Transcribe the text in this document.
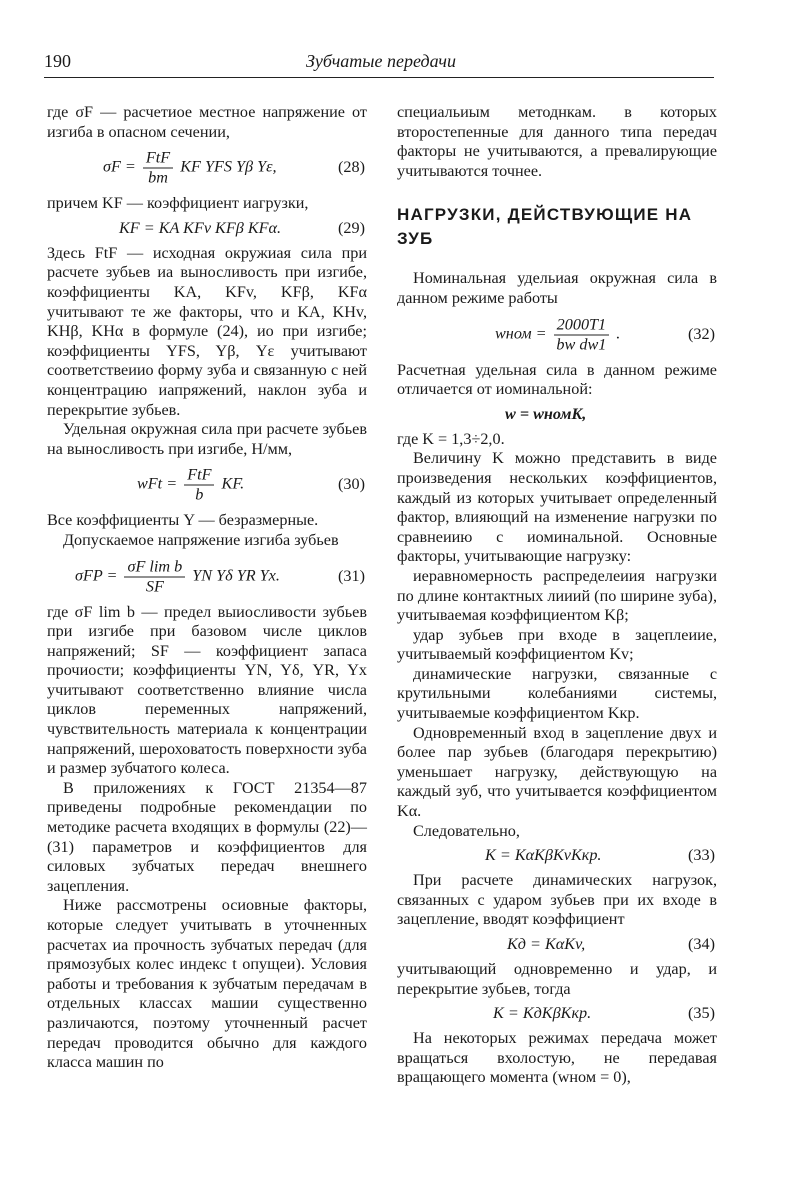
190	Зубчатые передачи

где σF — расчетиое местное напряжение от изгиба в опасном сечении,

$\sigma F = \frac{\text{FtF}}{bm}$ KF YFS Yβ Yε,	(28)

причем KF — коэффициент иагрузки,

KF = KA KFv KFβ KFα.	(29)

Здесь FtF — исходная окружиая сила при расчете зубьев иа выносливость при изгибе, коэффициенты KA, KFv, KFβ, KFα учитывают те же факторы, что и KA, KHv, KHβ, KHα в формуле (24), ио при изгибе; коэффициенты YFS, Yβ, Yε учитывают соответствеиио форму зуба и связанную с ней концентрацию иапряжений, наклон зуба и перекрытие зубьев.

Удельная окружная сила при расчете зубьев на выносливость при изгибе, Н/мм,

wFt = $\frac{\text{FtF}}{b}$ KF.	(30)

Все коэффициенты Y — безразмерные.

Допускаемое напряжение изгиба зубьев

$\sigma FP = \frac{\text{σF lim b}}{SF}$ YN Yδ YR Yx.	(31)

где σF lim b — предел выиосливости зубьев при изгибе при базовом числе циклов напряжений; SF — коэффициент запаса прочиости; коэффициенты YN, Yδ, YR, Yx учитывают соответственно влияние числа циклов переменных напряжений, чувствительность материала к концентрации напряжений, шероховатость поверхности зуба и размер зубчатого колеса.

В приложениях к ГОСТ 21354—87 приведены подробные рекомендации по методике расчета входящих в формулы (22)—(31) параметров и коэффициентов для силовых зубчатых передач внешнего зацепления.

Ниже рассмотрены осиовные факторы, которые следует учитывать в уточненных расчетах иа прочность зубчатых передач (для прямозубых колес индекс t опущеи). Условия работы и требования к зубчатым передачам в отдельных классах машии существенно различаются, поэтому уточненный расчет передач проводится обычно для каждого класса машин по

специальиым методнкам. в которых второстепенные для данного типа передач факторы не учитываются, а превалирующие учитываются точнее.

НАГРУЗКИ, ДЕЙСТВУЮЩИЕ НА ЗУБ

Номинальная удельиая окружная сила в данном режиме работы

wном = $\frac{2000T1}{\text{bw dw1}}$ .	(32)

Расчетная удельная сила в данном режиме отличается от иоминальной:

w = wномK,

где K = 1,3÷2,0.

Величину K можно представить в виде произведения нескольких коэффициентов, каждый из которых учитывает определенный фактор, влияющий на изменение нагрузки по сравнеиию с иоминальной. Основные факторы, учитывающие нагрузку:

иеравномерность распределеиия нагрузки по длине контактных лииий (по ширине зуба), учитываемая коэффициентом Kβ;

удар зубьев при входе в зацеплеиие, учитываемый коэффициентом Kv;

динамические нагрузки, связанные с крутильными колебаниями системы, учитываемые коэффициентом Kкр.

Одновременный вход в зацепление двух и более пар зубьев (благодаря перекрытию) уменьшает нагрузку, действующую на каждый зуб, что учитывается коэффициентом Kα.

Следовательно,

K = KαKβKvKкр.	(33)

При расчете динамических нагрузок, связанных с ударом зубьев при их входе в зацепление, вводят коэффициент

Kд = KαKv,	(34)

учитывающий одновременно и удар, и перекрытие зубьев, тогда

K = KдKβKкр.	(35)

На некоторых режимах передача может вращаться вхолостую, не передавая вращающего момента (wном = 0),
